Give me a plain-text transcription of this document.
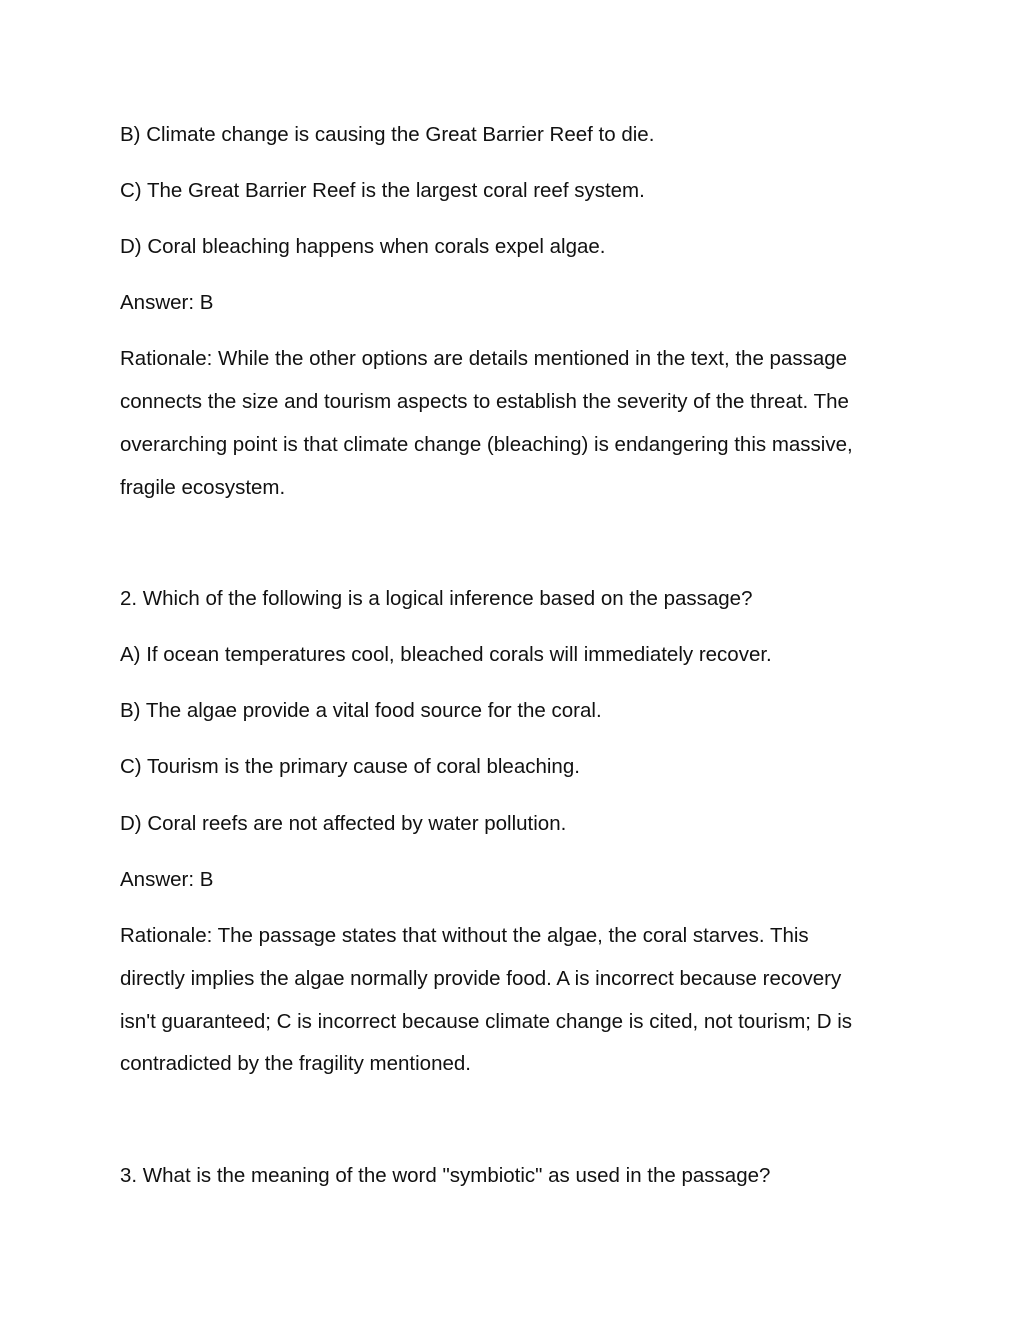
B) Climate change is causing the Great Barrier Reef to die.

C) The Great Barrier Reef is the largest coral reef system.

D) Coral bleaching happens when corals expel algae.

Answer: B

Rationale: While the other options are details mentioned in the text, the passage

connects the size and tourism aspects to establish the severity of the threat. The

overarching point is that climate change (bleaching) is endangering this massive,

fragile ecosystem.

2. Which of the following is a logical inference based on the passage?

A) If ocean temperatures cool, bleached corals will immediately recover.

B) The algae provide a vital food source for the coral.

C) Tourism is the primary cause of coral bleaching.

D) Coral reefs are not affected by water pollution.

Answer: B

Rationale: The passage states that without the algae, the coral starves. This

directly implies the algae normally provide food. A is incorrect because recovery

isn't guaranteed; C is incorrect because climate change is cited, not tourism; D is

contradicted by the fragility mentioned.

3. What is the meaning of the word "symbiotic" as used in the passage?
